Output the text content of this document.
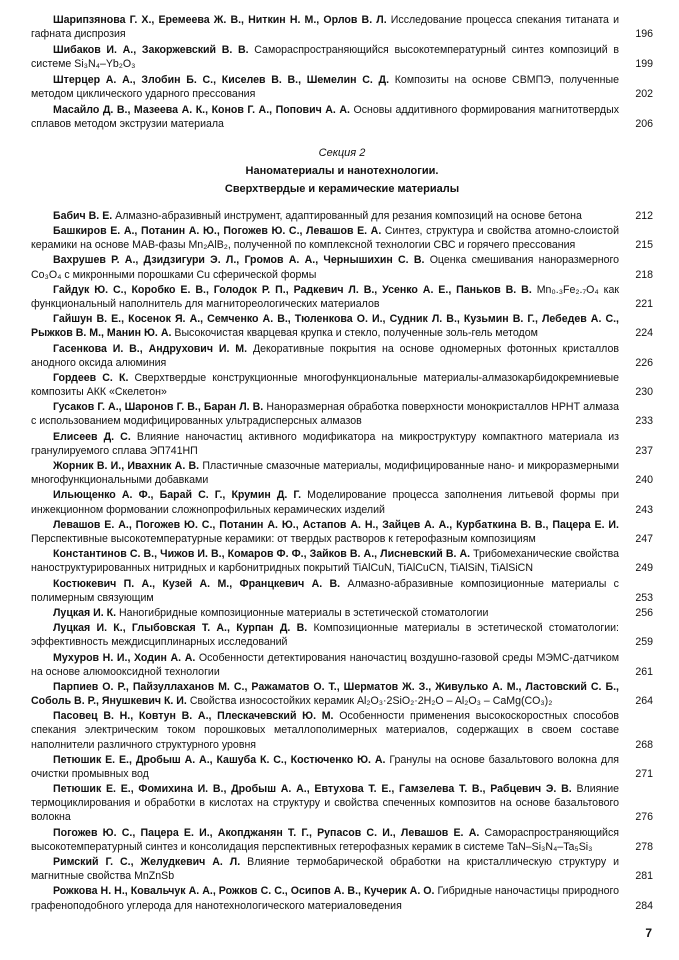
Шарипзянова Г. Х., Еремеева Ж. В., Ниткин Н. М., Орлов В. Л. Исследование процесса спекания титаната и гафната диспрозия	196
Шибаков И. А., Закоржевский В. В. Самораспространяющийся высокотемпературный синтез композиций в системе Si₃N₄–Yb₂O₃	199
Штерцер А. А., Злобин Б. С., Киселев В. В., Шемелин С. Д. Композиты на основе СВМПЭ, полученные методом циклического ударного прессования	202
Масайло Д. В., Мазеева А. К., Конов Г. А., Попович А. А. Основы аддитивного формирования магнитотвердых сплавов методом экструзии материала	206
Секция 2
Наноматериалы и нанотехнологии.
Сверхтвердые и керамические материалы
Бабич В. Е. Алмазно-абразивный инструмент, адаптированный для резания композиций на основе бетона	212
Башкиров Е. А., Потанин А. Ю., Погожев Ю. С., Левашов Е. А. Синтез, структура и свойства атомно-слоистой керамики на основе MAB-фазы Mn₂AlB₂, полученной по комплексной технологии СВС и горячего прессования	215
Вахрушев Р. А., Дзидзигури Э. Л., Громов А. А., Чернышихин С. В. Оценка смешивания наноразмерного Co₃O₄ с микронными порошками Cu сферической формы	218
Гайдук Ю. С., Коробко Е. В., Голодок Р. П., Радкевич Л. В., Усенко А. Е., Паньков В. В. Mn₀.₃Fe₂.₇O₄ как функциональный наполнитель для магнитореологических материалов	221
Гайшун В. Е., Косенок Я. А., Семченко А. В., Тюленкова О. И., Судник Л. В., Кузьмин В. Г., Лебедев А. С., Рыжков В. М., Манин Ю. А. Высокочистая кварцевая крупка и стекло, полученные золь-гель методом	224
Гасенкова И. В., Андрухович И. М. Декоративные покрытия на основе одномерных фотонных кристаллов анодного оксида алюминия	226
Гордеев С. К. Сверхтвердые конструкционные многофункциональные материалы-алмазокарбидокремниевые композиты АКК «Скелетон»	230
Гусаков Г. А., Шаронов Г. В., Баран Л. В. Наноразмерная обработка поверхности монокристаллов НРНТ алмаза с использованием модифицированных ультрадисперсных алмазов	233
Елисеев Д. С. Влияние наночастиц активного модификатора на микроструктуру компактного материала из гранулируемого сплава ЭП741НП	237
Жорник В. И., Ивахник А. В. Пластичные смазочные материалы, модифицированные нано- и микроразмерными многофункциональными добавками	240
Ильющенко А. Ф., Барай С. Г., Крумин Д. Г. Моделирование процесса заполнения литьевой формы при инжекционном формовании сложнопрофильных керамических изделий	243
Левашов Е. А., Погожев Ю. С., Потанин А. Ю., Астапов А. Н., Зайцев А. А., Курбаткина В. В., Пацера Е. И. Перспективные высокотемпературные керамики: от твердых растворов к гетерофазным композициям	247
Константинов С. В., Чижов И. В., Комаров Ф. Ф., Зайков В. А., Лисневский В. А. Трибомеханические свойства наноструктурированных нитридных и карбонитридных покрытий TiAlCuN, TiAlCuCN, TiAlSiN, TiAlSiCN	249
Костюкевич П. А., Кузей А. М., Францкевич А. В. Алмазно-абразивные композиционные материалы с полимерным связующим	253
Луцкая И. К. Наногибридные композиционные материалы в эстетической стоматологии	256
Луцкая И. К., Глыбовская Т. А., Курпан Д. В. Композиционные материалы в эстетической стоматологии: эффективность междисциплинарных исследований	259
Мухуров Н. И., Ходин А. А. Особенности детектирования наночастиц воздушно-газовой среды МЭМС-датчиком на основе алюмооксидной технологии	261
Парпиев О. Р., Пайзуллаханов М. С., Ражаматов О. Т., Шерматов Ж. З., Живулько А. М., Ластовский С. Б., Соболь В. Р., Янушкевич К. И. Свойства износостойких керамик Al₂O₃·2SiO₂·2H₂O – Al₂O₃ – CaMg(CO₃)₂	264
Пасовец В. Н., Ковтун В. А., Плескачевский Ю. М. Особенности применения высокоскоростных способов спекания электрическим током порошковых металлополимерных материалов, содержащих в своем составе наполнители различного структурного уровня	268
Петюшик Е. Е., Дробыш А. А., Кашуба К. С., Костюченко Ю. А. Гранулы на основе базальтового волокна для очистки промывных вод	271
Петюшик Е. Е., Фомихина И. В., Дробыш А. А., Евтухова Т. Е., Гамзелева Т. В., Рабцевич Э. В. Влияние термоциклирования и обработки в кислотах на структуру и свойства спеченных композитов на основе базальтового волокна	276
Погожев Ю. С., Пацера Е. И., Акопджанян Т. Г., Рупасов С. И., Левашов Е. А. Самораспространяющийся высокотемпературный синтез и консолидация перспективных гетерофазных керамик в системе TaN–Si₃N₄–Ta₅Si₃	278
Римский Г. С., Желудкевич А. Л. Влияние термобарической обработки на кристаллическую структуру и магнитные свойства MnZnSb	281
Рожкова Н. Н., Ковальчук А. А., Рожков С. С., Осипов А. В., Кучерик А. О. Гибридные наночастицы природного графеноподобного углерода для нанотехнологического материаловедения	284
7
